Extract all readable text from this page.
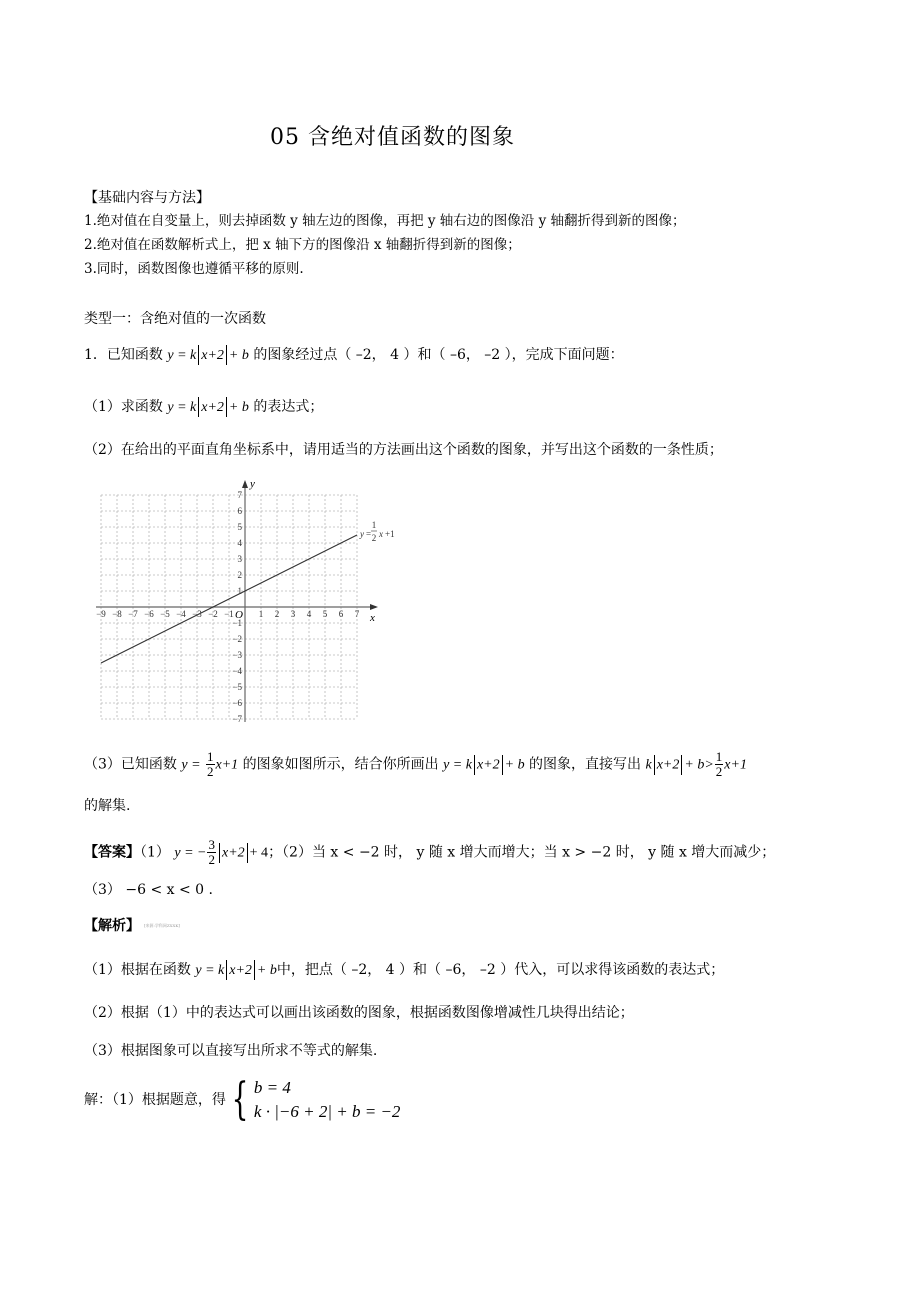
05 含绝对值函数的图象
【基础内容与方法】
1.绝对值在自变量上，则去掉函数 y 轴左边的图像，再把 y 轴右边的图像沿 y 轴翻折得到新的图像；
2.绝对值在函数解析式上，把 x 轴下方的图像沿 x 轴翻折得到新的图像；
3.同时，函数图像也遵循平移的原则.
类型一：含绝对值的一次函数
1．已知函数 y = k x+2 + b 的图象经过点（ –2， 4 ）和（ –6， –2 ），完成下面问题：
（1）求函数 y = k x+2 + b 的表达式；
（2）在给出的平面直角坐标系中，请用适当的方法画出这个函数的图象，并写出这个函数的一条性质；
x
y
−9 −8 −7 −6 −5 −4 −3 −2 −1	1 2 3 4 5 6 7
O
7
6
5
4
3
2
1
−1
−2
−3
−4
−5
−6
−7
y =
1
2 x +1
（3）已知函数 $y = \frac{1}{2} x+1$ 的图象如图所示，结合你所画出 y = k x+2 + b 的图象，直接写出 k $x+2 + b> \frac{1}{2} x+1$
的解集.
【答案】（1） y = − $\frac{3}{2} x+2 + 4$；（2）当 x < −2 时， y 随 x 增大而增大；当 x > −2 时， y 随 x 增大而减少；
（3） −6 < x < 0 .
【解析】 [来源:学科网ZXXK]
（1）根据在函数 y = k x+2 + b中，把点（ –2， 4 ）和（ –6， –2 ）代入，可以求得该函数的表达式；
（2）根据（1）中的表达式可以画出该函数的图象，根据函数图像增减性几块得出结论；
（3）根据图象可以直接写出所求不等式的解集.
解：（1）根据题意，得 { b = 4
k · |−6 + 2| + b = −2
